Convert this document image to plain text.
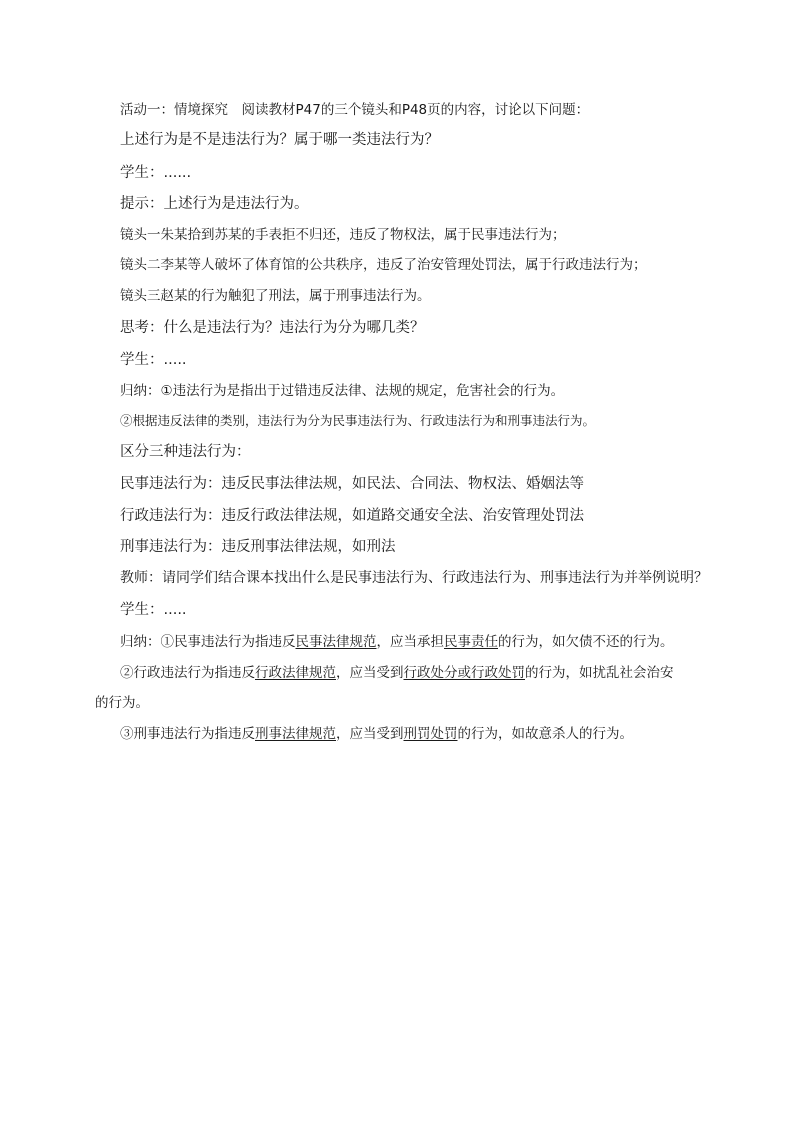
活动一：情境探究　阅读教材P47的三个镜头和P48页的内容，讨论以下问题：
上述行为是不是违法行为？属于哪一类违法行为？
学生：......
提示：上述行为是违法行为。
镜头一朱某拾到苏某的手表拒不归还，违反了物权法，属于民事违法行为；
镜头二李某等人破坏了体育馆的公共秩序，违反了治安管理处罚法，属于行政违法行为；
镜头三赵某的行为触犯了刑法，属于刑事违法行为。
思考：什么是违法行为？违法行为分为哪几类？
学生：.....
归纳：①违法行为是指出于过错违反法律、法规的规定，危害社会的行为。
②根据违反法律的类别，违法行为分为民事违法行为、行政违法行为和刑事违法行为。
区分三种违法行为：
民事违法行为：违反民事法律法规，如民法、合同法、物权法、婚姻法等
行政违法行为：违反行政法律法规，如道路交通安全法、治安管理处罚法
刑事违法行为：违反刑事法律法规，如刑法
教师：请同学们结合课本找出什么是民事违法行为、行政违法行为、刑事违法行为并举例说明？
学生：.....
归纳：①民事违法行为指违反民事法律规范，应当承担民事责任的行为，如欠债不还的行为。
②行政违法行为指违反行政法律规范，应当受到行政处分或行政处罚的行为，如扰乱社会治安
的行为。
③刑事违法行为指违反刑事法律规范，应当受到刑罚处罚的行为，如故意杀人的行为。
